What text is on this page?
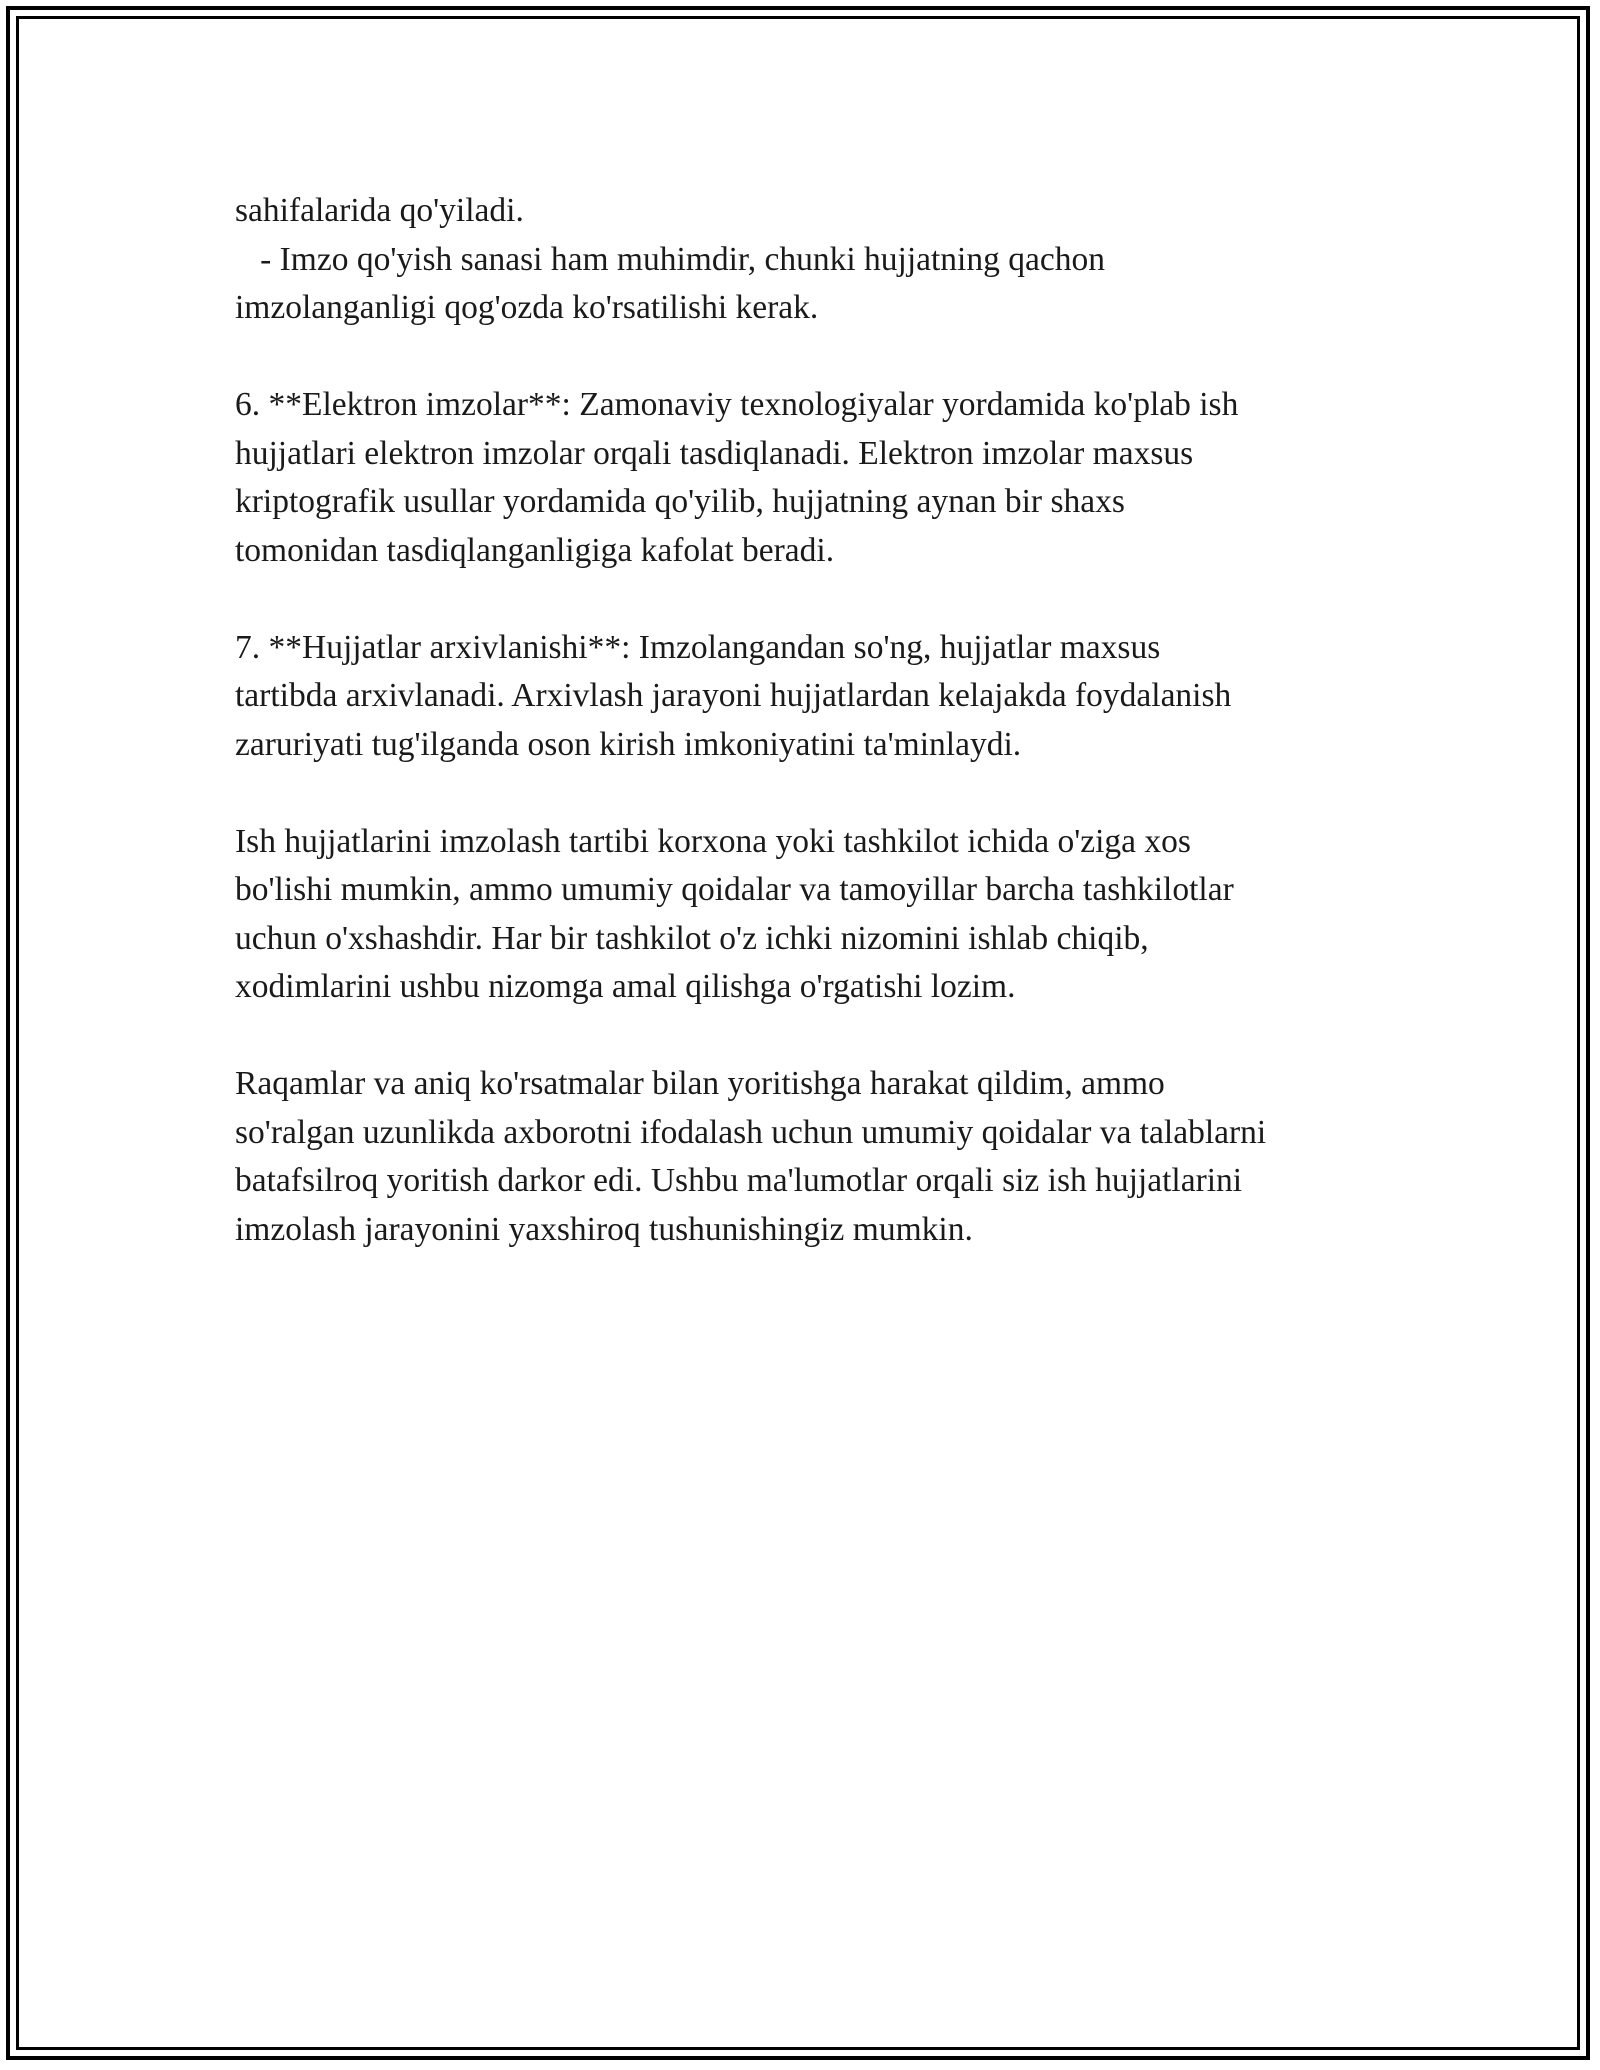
sahifalarida qo'yiladi.
- Imzo qo'yish sanasi ham muhimdir, chunki hujjatning qachon
imzolanganligi qog'ozda ko'rsatilishi kerak.
6. **Elektron imzolar**: Zamonaviy texnologiyalar yordamida ko'plab ish
hujjatlari elektron imzolar orqali tasdiqlanadi. Elektron imzolar maxsus
kriptografik usullar yordamida qo'yilib, hujjatning aynan bir shaxs
tomonidan tasdiqlanganligiga kafolat beradi.
7. **Hujjatlar arxivlanishi**: Imzolangandan so'ng, hujjatlar maxsus
tartibda arxivlanadi. Arxivlash jarayoni hujjatlardan kelajakda foydalanish
zaruriyati tug'ilganda oson kirish imkoniyatini ta'minlaydi.
Ish hujjatlarini imzolash tartibi korxona yoki tashkilot ichida o'ziga xos
bo'lishi mumkin, ammo umumiy qoidalar va tamoyillar barcha tashkilotlar
uchun o'xshashdir. Har bir tashkilot o'z ichki nizomini ishlab chiqib,
xodimlarini ushbu nizomga amal qilishga o'rgatishi lozim.
Raqamlar va aniq ko'rsatmalar bilan yoritishga harakat qildim, ammo
so'ralgan uzunlikda axborotni ifodalash uchun umumiy qoidalar va talablarni
batafsilroq yoritish darkor edi. Ushbu ma'lumotlar orqali siz ish hujjatlarini
imzolash jarayonini yaxshiroq tushunishingiz mumkin.
